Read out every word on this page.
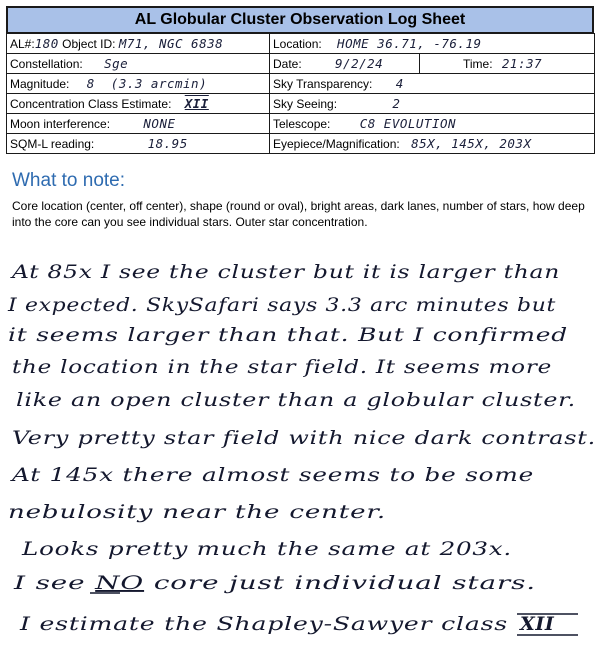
AL Globular Cluster Observation Log Sheet
AL#:180 Object ID: M71, NGC 6838	Location: HOME 36.71, -76.19	
Constellation: Sge	Date: 9/2/24	Time: 21:37
Magnitude: 8  (3.3 arcmin)	Sky Transparency: 4	
Concentration Class Estimate: XII	Sky Seeing: 2	
Moon interference: NONE	Telescope: C8 EVOLUTION	
SQM-L reading: 18.95	Eyepiece/Magnification: 85X, 145X, 203X	
What to note:
Core location (center, off center), shape (round or oval), bright areas, dark lanes, number of stars, how deep into the core can you see individual stars. Outer star concentration.
At 85x I see the cluster but it is larger than
I expected. SkySafari says 3.3 arc minutes but
it seems larger than that. But I confirmed
the location in the star field. It seems more
like an open cluster than a globular cluster.
Very pretty star field with nice dark contrast.
At 145x there almost seems to be some
nebulosity near the center.
Looks pretty much the same at 203x.
I see NO core just individual stars.
I estimate the Shapley-Sawyer class XII
